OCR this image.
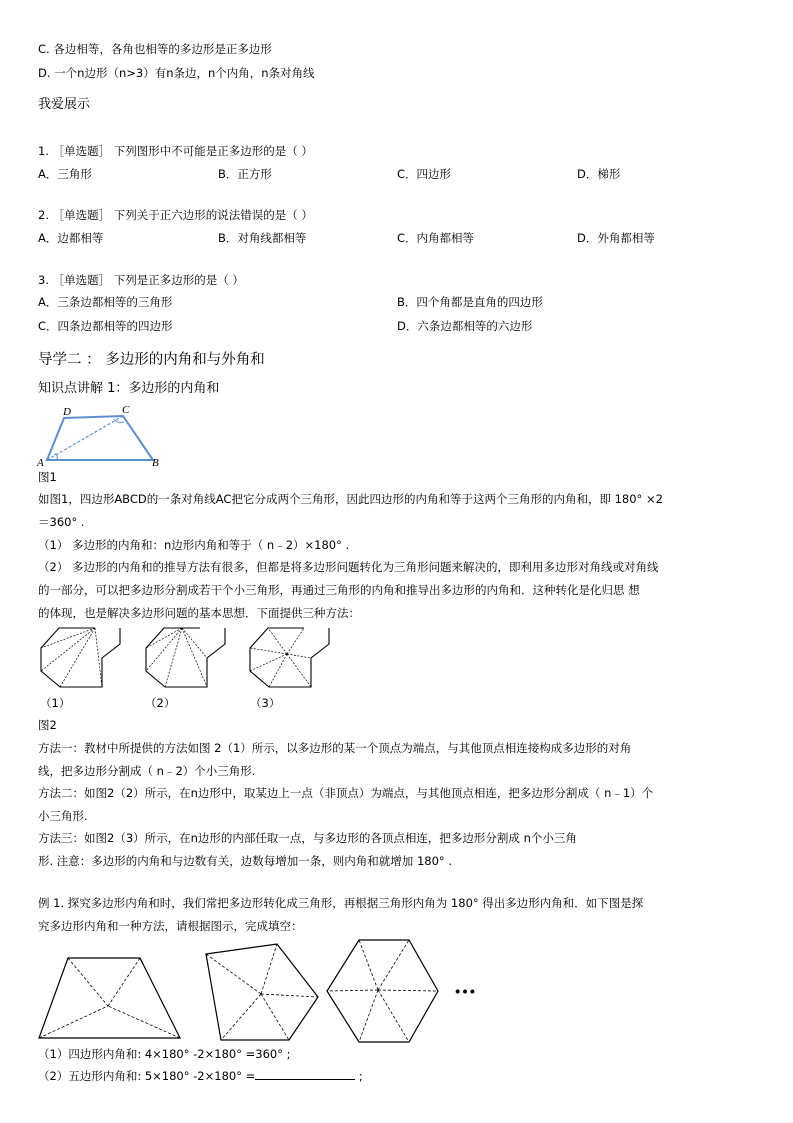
C. 各边相等，各角也相等的多边形是正多边形
D. 一个n边形（n>3）有n条边，n个内角，n条对角线
我爱展示
1. ［单选题］ 下列图形中不可能是正多边形的是（ ）
A．三角形	B．正方形	C．四边形	D．梯形
2. ［单选题］ 下列关于正六边形的说法错误的是（ ）
A．边都相等	B．对角线都相等	C．内角都相等	D．外角都相等
3. ［单选题］ 下列是正多边形的是（ ）
A．三条边都相等的三角形	B．四个角都是直角的四边形
C．四条边都相等的四边形	D．六条边都相等的六边形
导学二 ： 多边形的内角和与外角和
知识点讲解 1：多边形的内角和
D	C
A	B
图1
如图1，四边形ABCD的一条对角线AC把它分成两个三角形，因此四边形的内角和等于这两个三角形的内角和，即 180° ×2
＝360° .
（1） 多边形的内角和：n边形内角和等于（ n﹣2）×180° .
（2） 多边形的内角和的推导方法有很多，但都是将多边形问题转化为三角形问题来解决的，即利用多边形对角线或对角线
的一部分，可以把多边形分割成若干个小三角形，再通过三角形的内角和推导出多边形的内角和．这种转化是化归思 想
的体现，也是解决多边形问题的基本思想．下面提供三种方法：
（1）	（2）	（3）
图2
方法一：教材中所提供的方法如图 2（1）所示，以多边形的某一个顶点为端点，与其他顶点相连接构成多边形的对角
线，把多边形分割成（ n﹣2）个小三角形.
方法二：如图2（2）所示，在n边形中，取某边上一点（非顶点）为端点，与其他顶点相连，把多边形分割成（ n﹣1）个
小三角形.
方法三：如图2（3）所示，在n边形的内部任取一点，与多边形的各顶点相连，把多边形分割成 n个小三角
形. 注意：多边形的内角和与边数有关，边数每增加一条，则内角和就增加 180° .
例 1. 探究多边形内角和时，我们常把多边形转化成三角形，再根据三角形内角为 180° 得出多边形内角和．如下图是探
究多边形内角和一种方法，请根据图示，完成填空：
•••
（1）四边形内角和: 4×180° -2×180° =360° ;
（2）五边形内角和: 5×180° -2×180° =	;
